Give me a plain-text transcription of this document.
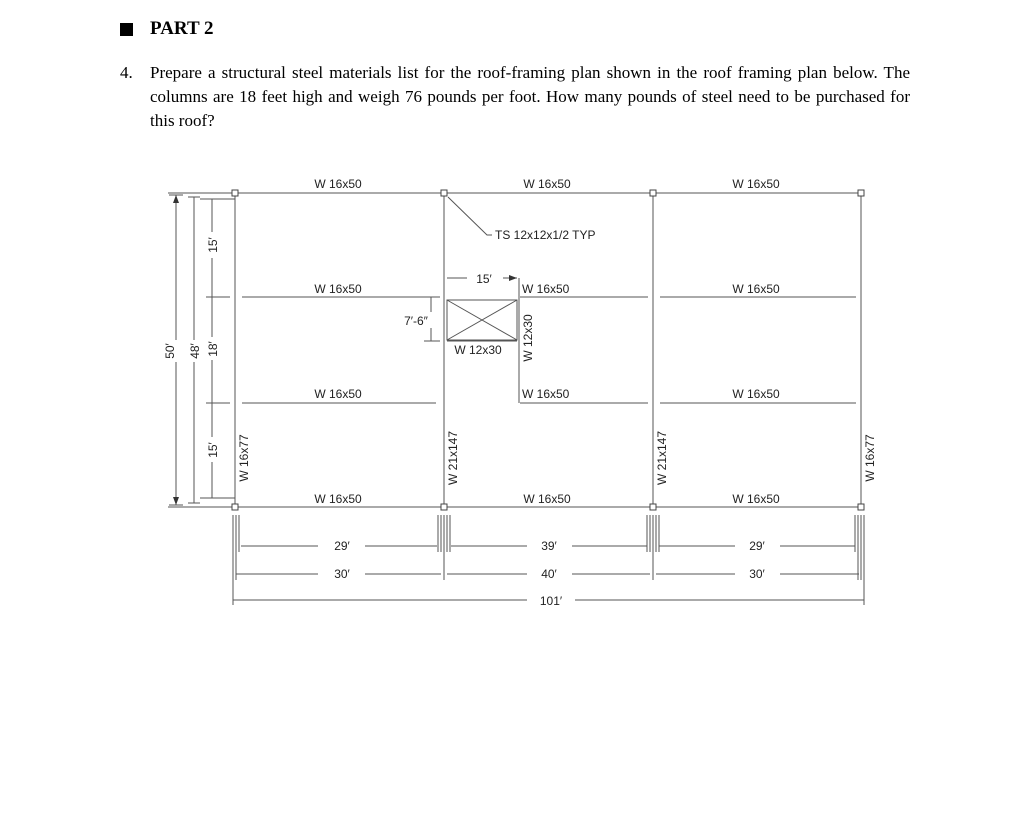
PART 2
4.	Prepare a structural steel materials list for the roof-framing plan shown in the roof framing plan below. The columns are 18 feet high and weigh 76 pounds per foot. How many pounds of steel need to be purchased for this roof?
W 16x50	W 16x50	W 16x50
W 16x50	W 16x50	W 16x50
W 16x50	W 16x50	W 16x50
W 16x50	W 16x50	W 16x50
TS 12x12x1/2 TYP
15′
7′-6″
W 12x30 W 12x30
W 16x77	W 21x147	W 21x147	W 16x77
50′ 48′
15′
18′
15′
29′	39′	29′
30′	40′	30′
101′
